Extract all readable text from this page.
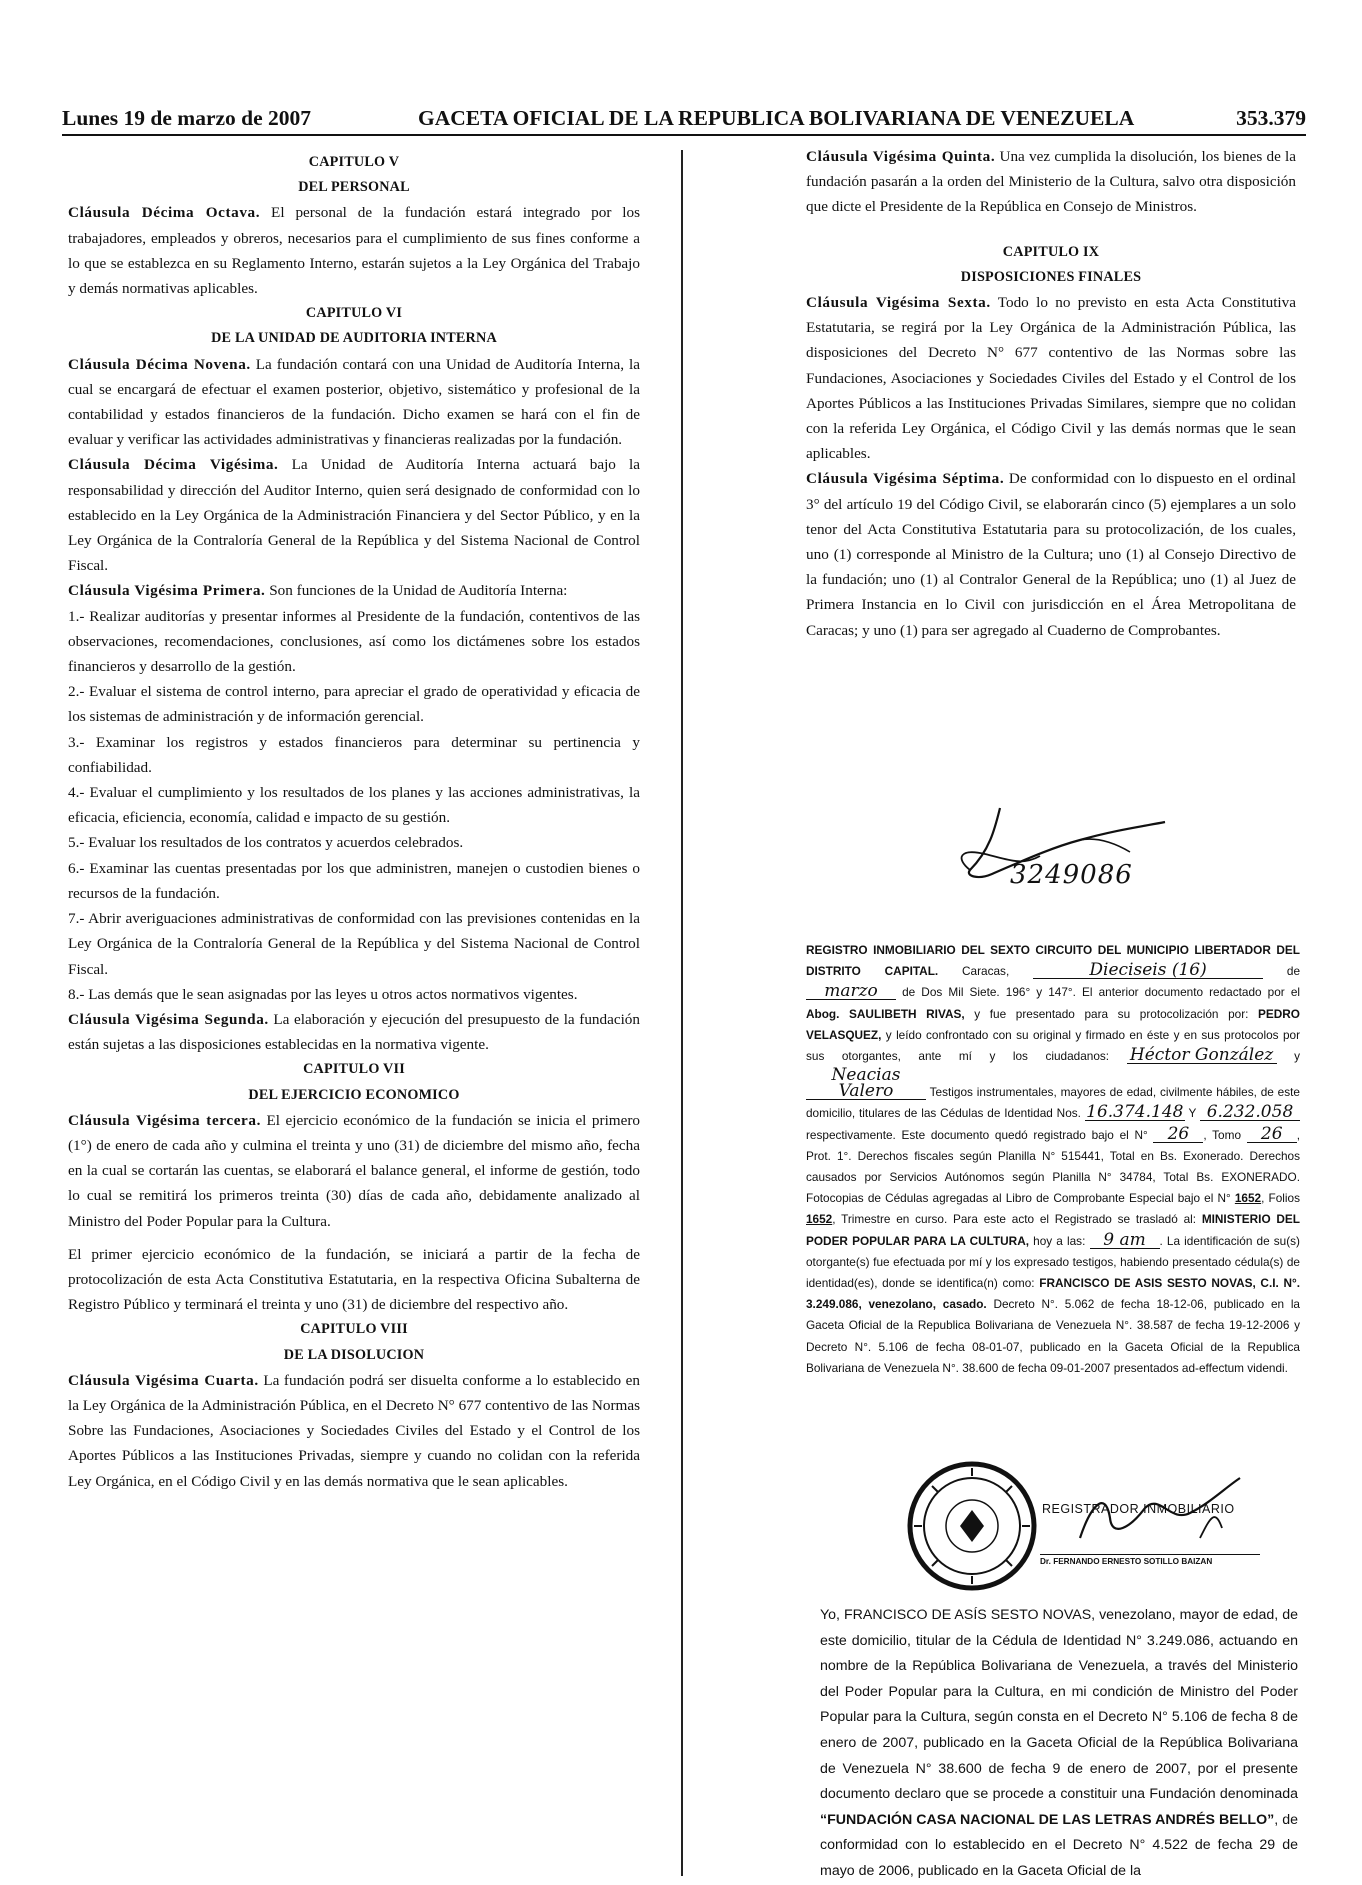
Lunes 19 de marzo de 2007	GACETA OFICIAL DE LA REPUBLICA BOLIVARIANA DE VENEZUELA	353.379
CAPITULO V
DEL PERSONAL

Cláusula Décima Octava. El personal de la fundación estará integrado por los trabajadores, empleados y obreros, necesarios para el cumplimiento de sus fines conforme a lo que se establezca en su Reglamento Interno, estarán sujetos a la Ley Orgánica del Trabajo y demás normativas aplicables.

CAPITULO VI
DE LA UNIDAD DE AUDITORIA INTERNA

Cláusula Décima Novena. La fundación contará con una Unidad de Auditoría Interna, la cual se encargará de efectuar el examen posterior, objetivo, sistemático y profesional de la contabilidad y estados financieros de la fundación. Dicho examen se hará con el fin de evaluar y verificar las actividades administrativas y financieras realizadas por la fundación.

Cláusula Décima Vigésima. La Unidad de Auditoría Interna actuará bajo la responsabilidad y dirección del Auditor Interno, quien será designado de conformidad con lo establecido en la Ley Orgánica de la Administración Financiera y del Sector Público, y en la Ley Orgánica de la Contraloría General de la República y del Sistema Nacional de Control Fiscal.

Cláusula Vigésima Primera. Son funciones de la Unidad de Auditoría Interna:

1.- Realizar auditorías y presentar informes al Presidente de la fundación, contentivos de las observaciones, recomendaciones, conclusiones, así como los dictámenes sobre los estados financieros y desarrollo de la gestión.

2.- Evaluar el sistema de control interno, para apreciar el grado de operatividad y eficacia de los sistemas de administración y de información gerencial.

3.- Examinar los registros y estados financieros para determinar su pertinencia y confiabilidad.

4.- Evaluar el cumplimiento y los resultados de los planes y las acciones administrativas, la eficacia, eficiencia, economía, calidad e impacto de su gestión.

5.- Evaluar los resultados de los contratos y acuerdos celebrados.

6.- Examinar las cuentas presentadas por los que administren, manejen o custodien bienes o recursos de la fundación.

7.- Abrir averiguaciones administrativas de conformidad con las previsiones contenidas en la Ley Orgánica de la Contraloría General de la República y del Sistema Nacional de Control Fiscal.

8.- Las demás que le sean asignadas por las leyes u otros actos normativos vigentes.

Cláusula Vigésima Segunda. La elaboración y ejecución del presupuesto de la fundación están sujetas a las disposiciones establecidas en la normativa vigente.

CAPITULO VII
DEL EJERCICIO ECONOMICO

Cláusula Vigésima tercera. El ejercicio económico de la fundación se inicia el primero (1°) de enero de cada año y culmina el treinta y uno (31) de diciembre del mismo año, fecha en la cual se cortarán las cuentas, se elaborará el balance general, el informe de gestión, todo lo cual se remitirá los primeros treinta (30) días de cada año, debidamente analizado al Ministro del Poder Popular para la Cultura.

El primer ejercicio económico de la fundación, se iniciará a partir de la fecha de protocolización de esta Acta Constitutiva Estatutaria, en la respectiva Oficina Subalterna de Registro Público y terminará el treinta y uno (31) de diciembre del respectivo año.

CAPITULO VIII
DE LA DISOLUCION

Cláusula Vigésima Cuarta. La fundación podrá ser disuelta conforme a lo establecido en la Ley Orgánica de la Administración Pública, en el Decreto N° 677 contentivo de las Normas Sobre las Fundaciones, Asociaciones y Sociedades Civiles del Estado y el Control de los Aportes Públicos a las Instituciones Privadas, siempre y cuando no colidan con la referida Ley Orgánica, en el Código Civil y en las demás normativa que le sean aplicables.

Cláusula Vigésima Quinta. Una vez cumplida la disolución, los bienes de la fundación pasarán a la orden del Ministerio de la Cultura, salvo otra disposición que dicte el Presidente de la República en Consejo de Ministros.

CAPITULO IX
DISPOSICIONES FINALES

Cláusula Vigésima Sexta. Todo lo no previsto en esta Acta Constitutiva Estatutaria, se regirá por la Ley Orgánica de la Administración Pública, las disposiciones del Decreto N° 677 contentivo de las Normas sobre las Fundaciones, Asociaciones y Sociedades Civiles del Estado y el Control de los Aportes Públicos a las Instituciones Privadas Similares, siempre que no colidan con la referida Ley Orgánica, el Código Civil y las demás normas que le sean aplicables.

Cláusula Vigésima Séptima. De conformidad con lo dispuesto en el ordinal 3° del artículo 19 del Código Civil, se elaborarán cinco (5) ejemplares a un solo tenor del Acta Constitutiva Estatutaria para su protocolización, de los cuales, uno (1) corresponde al Ministro de la Cultura; uno (1) al Consejo Directivo de la fundación; uno (1) al Contralor General de la República; uno (1) al Juez de Primera Instancia en lo Civil con jurisdicción en el Área Metropolitana de Caracas; y uno (1) para ser agregado al Cuaderno de Comprobantes.

3249086

REGISTRO INMOBILIARIO DEL SEXTO CIRCUITO DEL MUNICIPIO LIBERTADOR DEL DISTRITO CAPITAL. Caracas,	Dieciseis (16)	de marzo de Dos Mil Siete. 196° y 147°. El anterior documento redactado por el Abog. SAULIBETH RIVAS, y fue presentado para su protocolización por: PEDRO VELASQUEZ, y leído confrontado con su original y firmado en éste y en sus protocolos por sus otorgantes, ante mí y los ciudadanos: Héctor González y Neacias Valero	Testigos instrumentales, mayores de edad, civilmente hábiles, de este domicilio, titulares de las Cédulas de Identidad Nos. 16.374.148 Y 6.232.058 respectivamente. Este documento quedó registrado bajo el N° 26 , Tomo 26 , Prot. 1°. Derechos fiscales según Planilla N° 515441, Total en Bs. Exonerado. Derechos causados por Servicios Autónomos según Planilla N° 34784, Total Bs. EXONERADO. Fotocopias de Cédulas agregadas al Libro de Comprobante Especial bajo el N° 1652, Folios 1652, Trimestre en curso. Para este acto el Registrado se trasladó al: MINISTERIO DEL PODER POPULAR PARA LA CULTURA, hoy a las: 9 am . La identificación de su(s) otorgante(s) fue efectuada por mí y los expresado testigos, habiendo presentado cédula(s) de identidad(es), donde se identifica(n) como: FRANCISCO DE ASIS SESTO NOVAS, C.I. N°. 3.249.086, venezolano, casado. Decreto N°. 5.062 de fecha 18-12-06, publicado en la Gaceta Oficial de la Republica Bolivariana de Venezuela N°. 38.587 de fecha 19-12-2006 y Decreto N°. 5.106 de fecha 08-01-07, publicado en la Gaceta Oficial de la Republica Bolivariana de Venezuela N°. 38.600 de fecha 09-01-2007 presentados ad-effectum videndi.

REGISTRADOR INMOBILIARIO
Dr. FERNANDO ERNESTO SOTILLO BAIZAN

Yo, FRANCISCO DE ASÍS SESTO NOVAS, venezolano, mayor de edad, de este domicilio, titular de la Cédula de Identidad N° 3.249.086, actuando en nombre de la República Bolivariana de Venezuela, a través del Ministerio del Poder Popular para la Cultura, en mi condición de Ministro del Poder Popular para la Cultura, según consta en el Decreto N° 5.106 de fecha 8 de enero de 2007, publicado en la Gaceta Oficial de la República Bolivariana de Venezuela N° 38.600 de fecha 9 de enero de 2007, por el presente documento declaro que se procede a constituir una Fundación denominada “FUNDACIÓN CASA NACIONAL DE LAS LETRAS ANDRÉS BELLO”, de conformidad con lo establecido en el Decreto N° 4.522 de fecha 29 de mayo de 2006, publicado en la Gaceta Oficial de la
